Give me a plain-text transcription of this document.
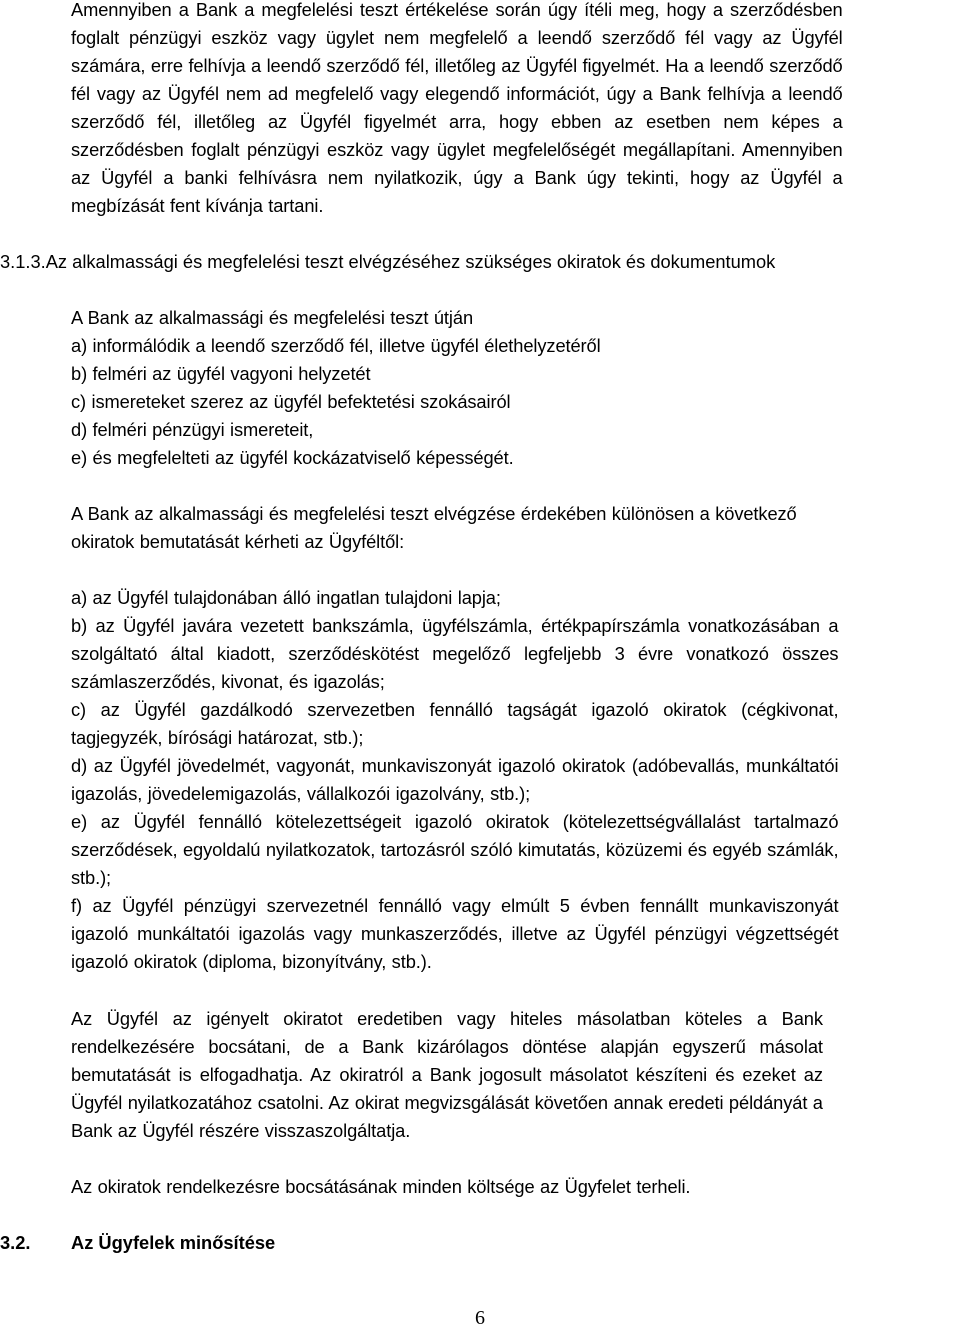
Amennyiben a Bank a megfelelési teszt értékelése során úgy ítéli meg, hogy a szerződésben
foglalt pénzügyi eszköz vagy ügylet nem megfelelő a leendő szerződő fél vagy az Ügyfél
számára, erre felhívja a leendő szerződő fél, illetőleg az Ügyfél figyelmét. Ha a leendő szerződő
fél vagy az Ügyfél nem ad megfelelő vagy elegendő információt, úgy a Bank felhívja a leendő
szerződő fél, illetőleg az Ügyfél figyelmét arra, hogy ebben az esetben nem képes a
szerződésben foglalt pénzügyi eszköz vagy ügylet megfelelőségét megállapítani. Amennyiben
az Ügyfél a banki felhívásra nem nyilatkozik, úgy a Bank úgy tekinti, hogy az Ügyfél a
megbízását fent kívánja tartani.
3.1.3.Az alkalmassági és megfelelési teszt elvégzéséhez szükséges okiratok és dokumentumok
A Bank az alkalmassági és megfelelési teszt útján
a) informálódik a leendő szerződő fél, illetve ügyfél élethelyzetéről
b) felméri az ügyfél vagyoni helyzetét
c) ismereteket szerez az ügyfél befektetési szokásairól
d) felméri pénzügyi ismereteit,
e) és megfelelteti az ügyfél kockázatviselő képességét.
A Bank az alkalmassági és megfelelési teszt elvégzése érdekében különösen a következő
okiratok bemutatását kérheti az Ügyféltől:
a) az Ügyfél tulajdonában álló ingatlan tulajdoni lapja;
b) az Ügyfél javára vezetett bankszámla, ügyfélszámla, értékpapírszámla vonatkozásában a
szolgáltató által kiadott, szerződéskötést megelőző legfeljebb 3 évre vonatkozó összes
számlaszerződés, kivonat, és igazolás;
c) az Ügyfél gazdálkodó szervezetben fennálló tagságát igazoló okiratok (cégkivonat,
tagjegyzék, bírósági határozat, stb.);
d) az Ügyfél jövedelmét, vagyonát, munkaviszonyát igazoló okiratok (adóbevallás, munkáltatói
igazolás, jövedelemigazolás, vállalkozói igazolvány, stb.);
e) az Ügyfél fennálló kötelezettségeit igazoló okiratok (kötelezettségvállalást tartalmazó
szerződések, egyoldalú nyilatkozatok, tartozásról szóló kimutatás, közüzemi és egyéb számlák,
stb.);
f) az Ügyfél pénzügyi szervezetnél fennálló vagy elmúlt 5 évben fennállt munkaviszonyát
igazoló munkáltatói igazolás vagy munkaszerződés, illetve az Ügyfél pénzügyi végzettségét
igazoló okiratok (diploma, bizonyítvány, stb.).
Az Ügyfél az igényelt okiratot eredetiben vagy hiteles másolatban köteles a Bank
rendelkezésére bocsátani, de a Bank kizárólagos döntése alapján egyszerű másolat
bemutatását is elfogadhatja. Az okiratról a Bank jogosult másolatot készíteni és ezeket az
Ügyfél nyilatkozatához csatolni. Az okirat megvizsgálását követően annak eredeti példányát a
Bank az Ügyfél részére visszaszolgáltatja.
Az okiratok rendelkezésre bocsátásának minden költsége az Ügyfelet terheli.
3.2. Az Ügyfelek minősítése
6
